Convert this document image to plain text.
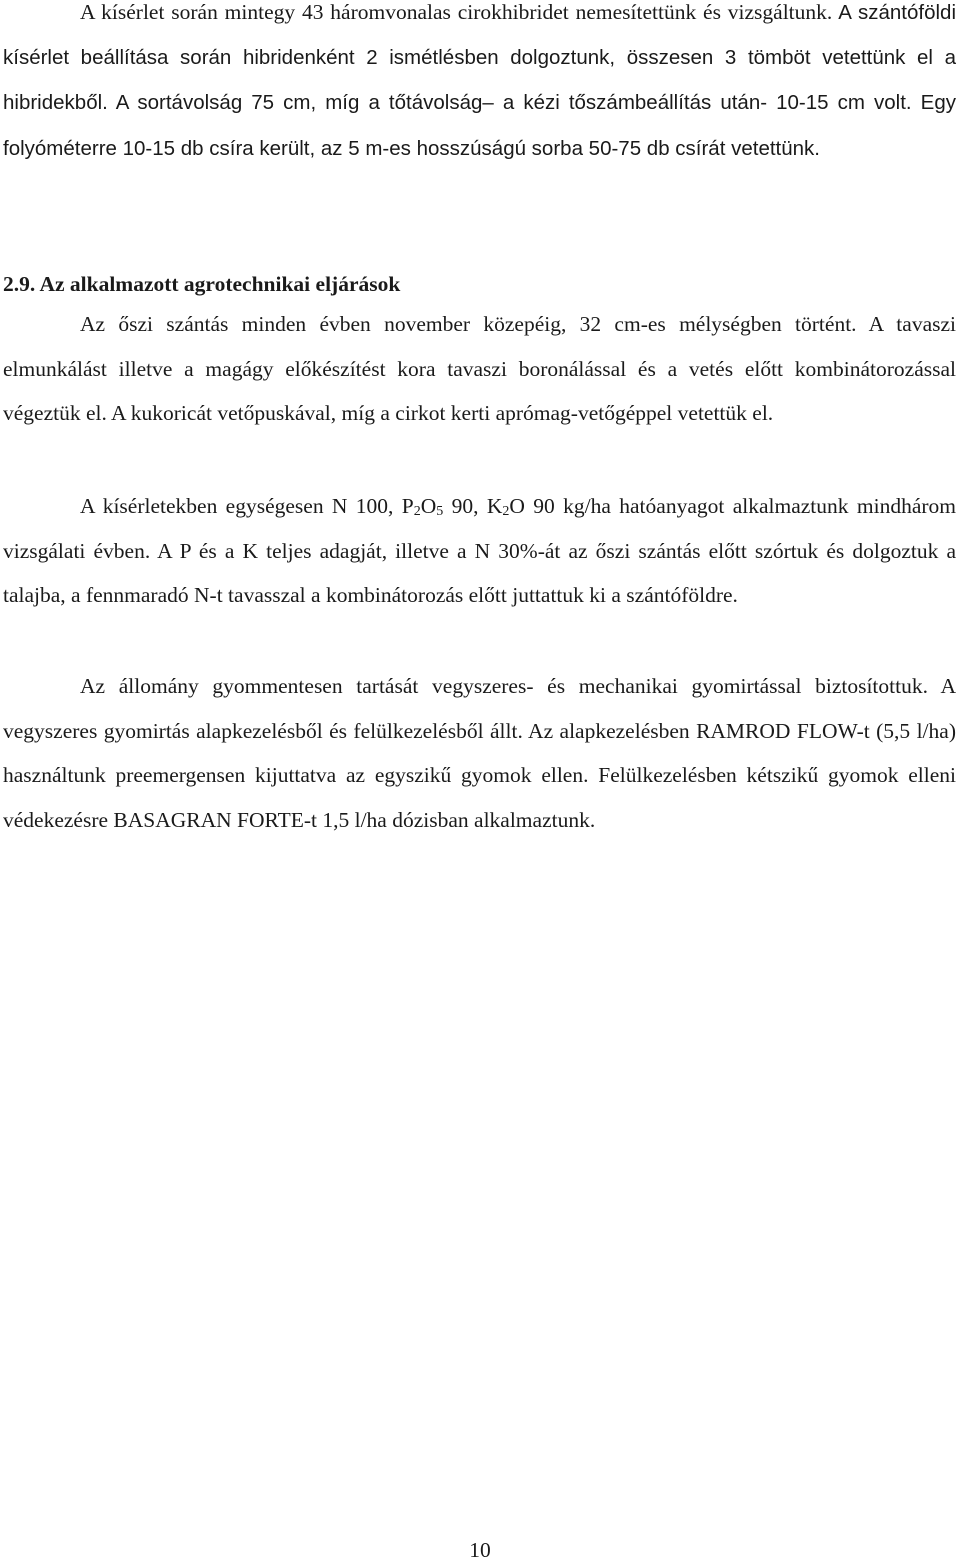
A kísérlet során mintegy 43 háromvonalas cirokhibridet nemesítettünk és vizsgáltunk. A szántóföldi kísérlet beállítása során hibridenként 2 ismétlésben dolgoztunk, összesen 3 tömböt vetettünk el a hibridekből. A sortávolság 75 cm, míg a tőtávolság– a kézi tőszámbeállítás után- 10-15 cm volt. Egy folyóméterre 10-15 db csíra került, az 5 m-es hosszúságú sorba 50-75 db csírát vetettünk.

2.9. Az alkalmazott agrotechnikai eljárások

Az őszi szántás minden évben november közepéig, 32 cm-es mélységben történt. A tavaszi elmunkálást illetve a magágy előkészítést kora tavaszi boronálással és a vetés előtt kombinátorozással végeztük el. A kukoricát vetőpuskával, míg a cirkot kerti aprómag-vetőgéppel vetettük el.

A kísérletekben egységesen N 100, $P_2O_5$ 90, $K_2O$ 90 kg/ha hatóanyagot alkalmaztunk mindhárom vizsgálati évben. A P és a K teljes adagját, illetve a N 30%-át az őszi szántás előtt szórtuk és dolgoztuk a talajba, a fennmaradó N-t tavasszal a kombinátorozás előtt juttattuk ki a szántóföldre.

Az állomány gyommentesen tartását vegyszeres- és mechanikai gyomirtással biztosítottuk. A vegyszeres gyomirtás alapkezelésből és felülkezelésből állt. Az alapkezelésben RAMROD FLOW-t (5,5 l/ha) használtunk preemergensen kijuttatva az egyszikű gyomok ellen. Felülkezelésben kétszikű gyomok elleni védekezésre BASAGRAN FORTE-t 1,5 l/ha dózisban alkalmaztunk.

10
